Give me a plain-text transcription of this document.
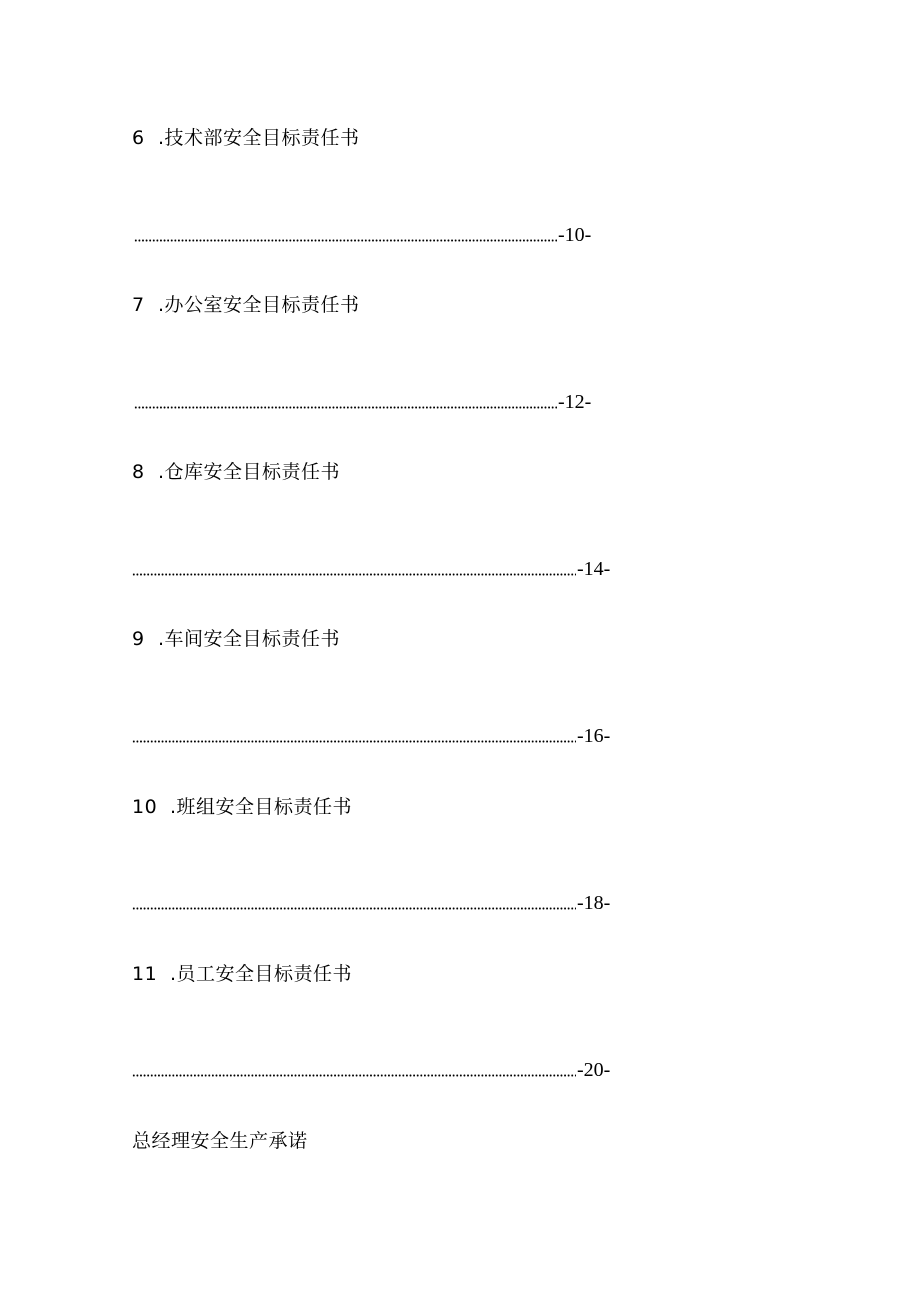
6 .技术部安全目标责任书
-10-
7 .办公室安全目标责任书
-12-
8 .仓库安全目标责任书
-14-
9 .车间安全目标责任书
-16-
10 .班组安全目标责任书
-18-
11 .员工安全目标责任书
-20-
总经理安全生产承诺
